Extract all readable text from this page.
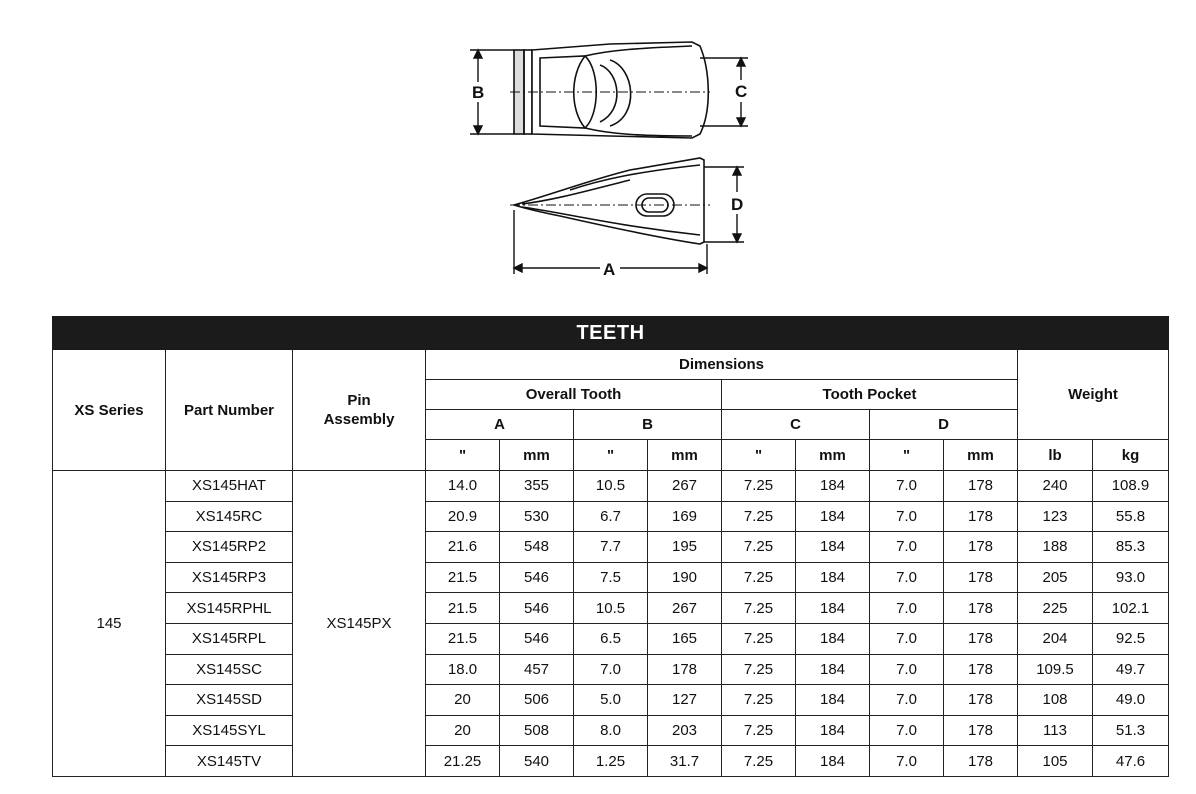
B	C
D
A
TEETH												
XS Series	Part Number	Pin Assembly	Dimensions								Weight	
			Overall Tooth				Tooth Pocket					
			A		B		C		D			
			"	mm	"	mm	"	mm	"	mm	lb	kg
145	XS145HAT	XS145PX	14.0	355	10.5	267	7.25	184	7.0	178	240	108.9
	XS145RC		20.9	530	6.7	169	7.25	184	7.0	178	123	55.8
	XS145RP2		21.6	548	7.7	195	7.25	184	7.0	178	188	85.3
	XS145RP3		21.5	546	7.5	190	7.25	184	7.0	178	205	93.0
	XS145RPHL		21.5	546	10.5	267	7.25	184	7.0	178	225	102.1
	XS145RPL		21.5	546	6.5	165	7.25	184	7.0	178	204	92.5
	XS145SC		18.0	457	7.0	178	7.25	184	7.0	178	109.5	49.7
	XS145SD		20	506	5.0	127	7.25	184	7.0	178	108	49.0
	XS145SYL		20	508	8.0	203	7.25	184	7.0	178	113	51.3
	XS145TV		21.25	540	1.25	31.7	7.25	184	7.0	178	105	47.6
